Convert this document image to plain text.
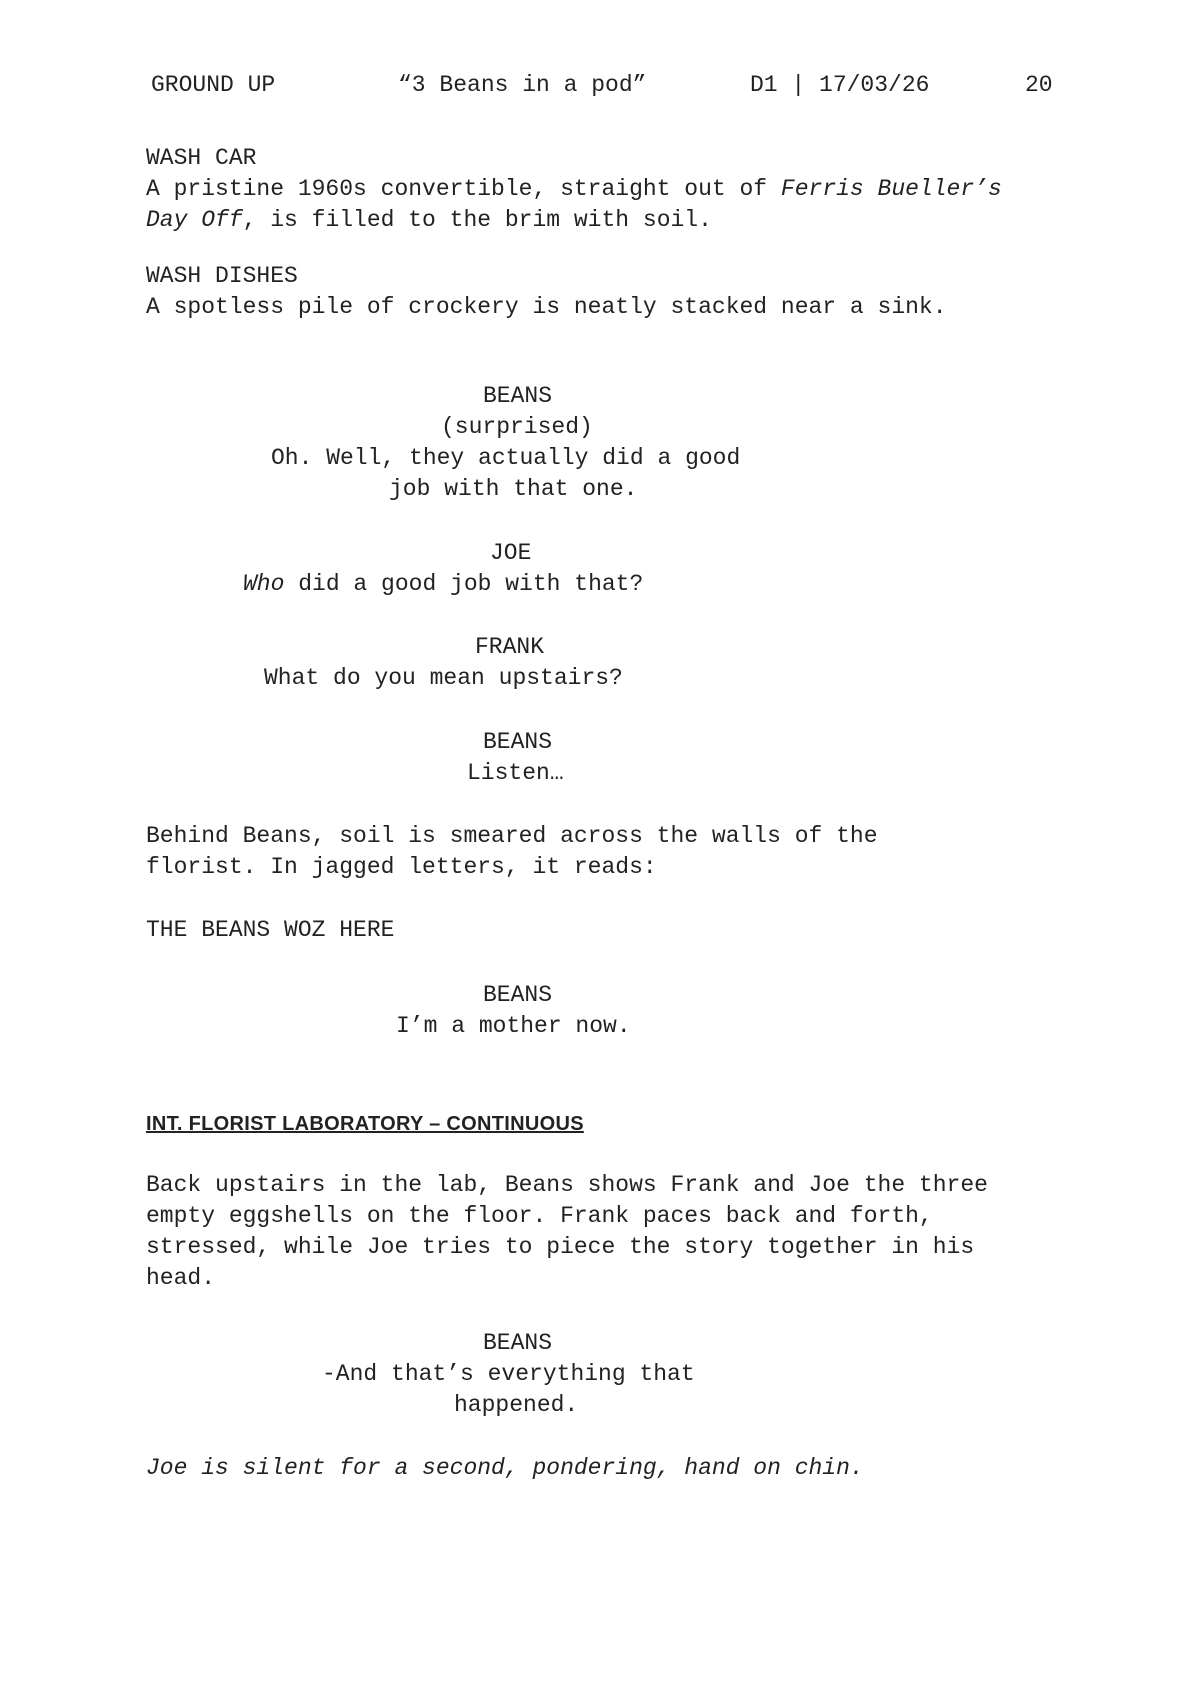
GROUND UP	“3 Beans in a pod”	D1 | 17/03/26	20
WASH CAR
A pristine 1960s convertible, straight out of Ferris Bueller’s
Day Off, is filled to the brim with soil.
WASH DISHES
A spotless pile of crockery is neatly stacked near a sink.
BEANS
(surprised)
Oh. Well, they actually did a good
job with that one.
JOE
Who did a good job with that?
FRANK
What do you mean upstairs?
BEANS
Listen…
Behind Beans, soil is smeared across the walls of the
florist. In jagged letters, it reads:
THE BEANS WOZ HERE
BEANS
I’m a mother now.
INT. FLORIST LABORATORY – CONTINUOUS
Back upstairs in the lab, Beans shows Frank and Joe the three
empty eggshells on the floor. Frank paces back and forth,
stressed, while Joe tries to piece the story together in his
head.
BEANS
-And that’s everything that
happened.
Joe is silent for a second, pondering, hand on chin.
